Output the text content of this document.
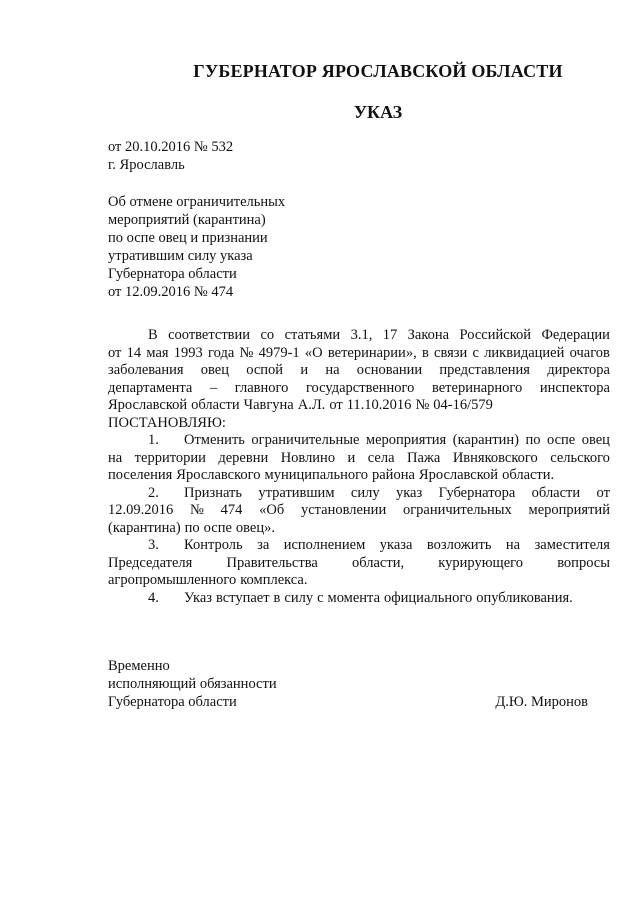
ГУБЕРНАТОР ЯРОСЛАВСКОЙ ОБЛАСТИ
УКАЗ
от 20.10.2016 № 532
г. Ярославль
Об отмене ограничительных
мероприятий (карантина)
по оспе овец и признании
утратившим силу указа
Губернатора области
от 12.09.2016 № 474
В соответствии со статьями 3.1, 17 Закона Российской Федерации
от 14 мая 1993 года № 4979-1 «О ветеринарии», в связи с ликвидацией очагов
заболевания овец оспой и на основании представления директора
департамента – главного государственного ветеринарного инспектора
Ярославской области Чавгуна А.Л. от 11.10.2016 № 04-16/579
ПОСТАНОВЛЯЮ:
1.	Отменить ограничительные мероприятия (карантин) по оспе овец
на территории деревни Новлино и села Пажа Ивняковского сельского
поселения Ярославского муниципального района Ярославской области.
2.	Признать утратившим силу указ Губернатора области от
12.09.2016 № 474 «Об установлении ограничительных мероприятий
(карантина) по оспе овец».
3.	Контроль за исполнением указа возложить на заместителя
Председателя Правительства области, курирующего вопросы
агропромышленного комплекса.
4.	Указ вступает в силу с момента официального опубликования.
Временно
исполняющий обязанности
Губернатора области	Д.Ю. Миронов
